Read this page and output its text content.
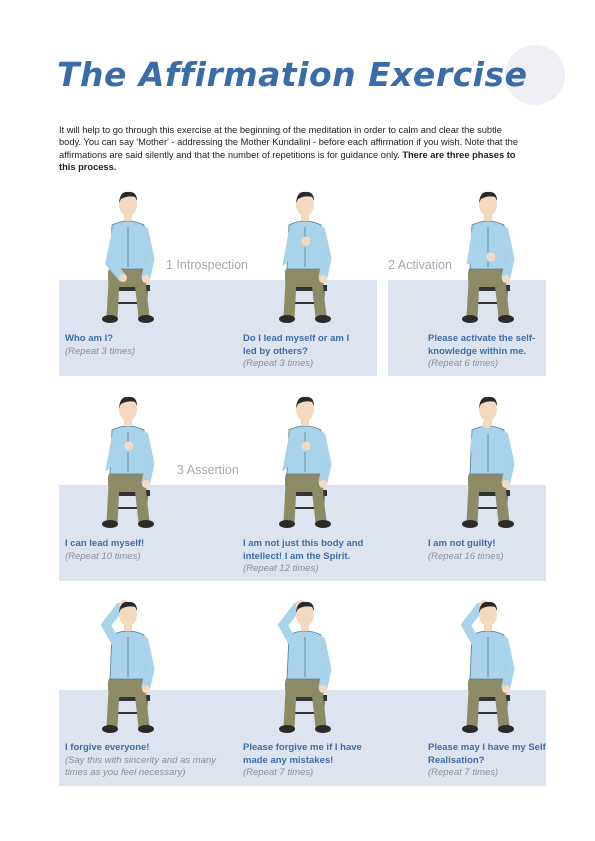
The Affirmation Exercise
It will help to go through this exercise at the beginning of the meditation in order to calm and clear the subtle body. You can say 'Mother' - addressing the Mother Kundalini - before each affirmation if you wish. Note that the affirmations are said silently and that the number of repetitions is for guidance only. There are three phases to this process.
1 Introspection	2 Activation
3 Assertion
Who am I?
(Repeat 3 times)
Do I lead myself or am I led by others?
(Repeat 3 times)
Please activate the self-knowledge within me.
(Repeat 6 times)
I can lead myself!
(Repeat 10 times)
I am not just this body and intellect! I am the Spirit.
(Repeat 12 times)
I am not guilty!
(Repeat 16 times)
I forgive everyone!
(Say this with sincerity and as many times as you feel necessary)
Please forgive me if I have made any mistakes!
(Repeat 7 times)
Please may I have my Self Realisation?
(Repeat 7 times)
